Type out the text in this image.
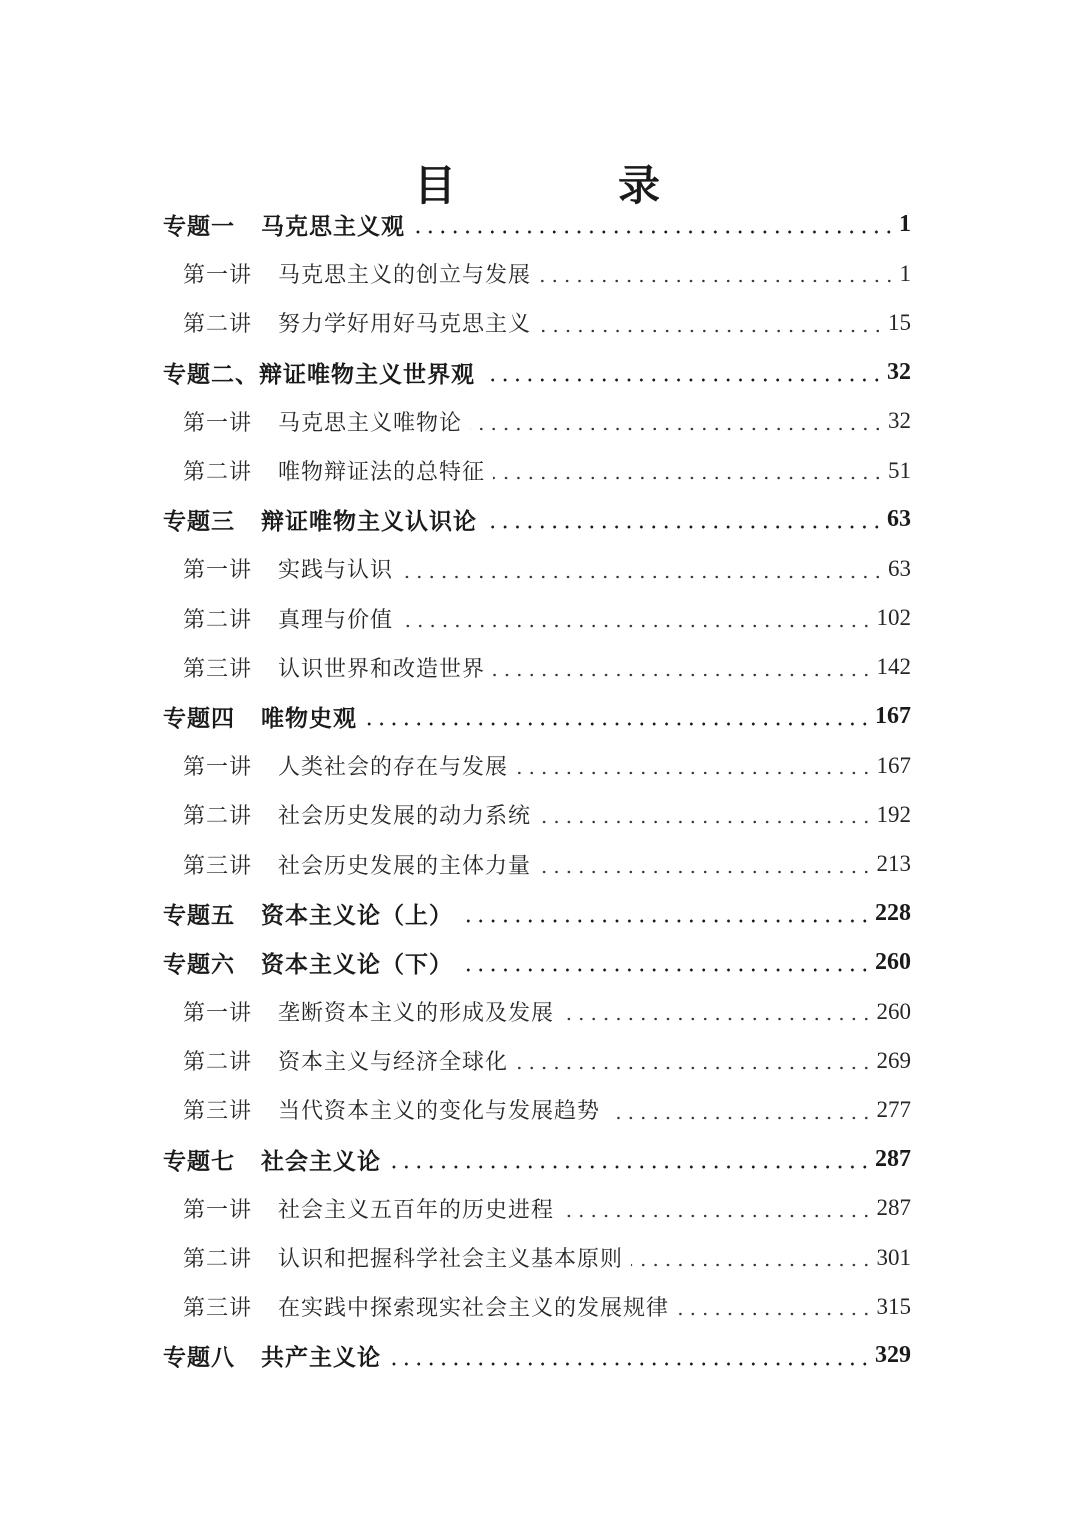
目　录
专题一 马克思主义观	1
第一讲 马克思主义的创立与发展	1
第二讲 努力学好用好马克思主义	15
专题二、辩证唯物主义世界观	32
第一讲 马克思主义唯物论	32
第二讲 唯物辩证法的总特征	51
专题三 辩证唯物主义认识论	63
第一讲 实践与认识	63
第二讲 真理与价值	102
第三讲 认识世界和改造世界	142
专题四 唯物史观	167
第一讲 人类社会的存在与发展	167
第二讲 社会历史发展的动力系统	192
第三讲 社会历史发展的主体力量	213
专题五 资本主义论（上）	228
专题六 资本主义论（下）	260
第一讲 垄断资本主义的形成及发展	260
第二讲 资本主义与经济全球化	269
第三讲 当代资本主义的变化与发展趋势	277
专题七 社会主义论	287
第一讲 社会主义五百年的历史进程	287
第二讲 认识和把握科学社会主义基本原则	301
第三讲 在实践中探索现实社会主义的发展规律	315
专题八 共产主义论	329
